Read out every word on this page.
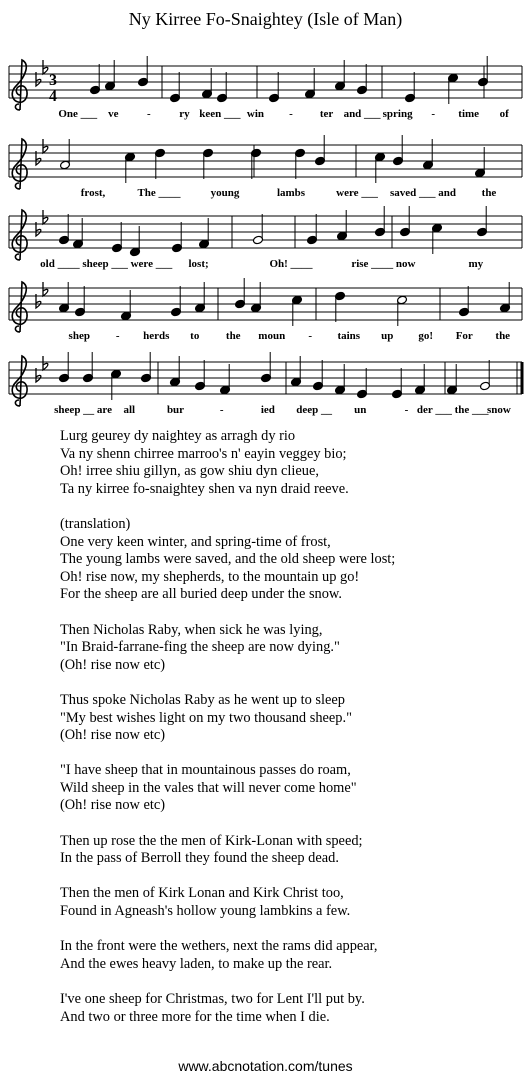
Ny Kirree Fo-Snaightey (Isle of Man)
One ___ ve	-	ry keen ___ win - ter and ___ spring - time of
frost,	The ____	young	lambs	were ___ saved ___ and the
old ____ sheep ___ were ___ lost;	Oh! ____	rise ____ now	my
shep - herds to the moun - tains up go! For the
sheep __ are all	bur	-	ied deep __ un	- der ___ the ___
snow
3
4
Lurg geurey dy naightey as arragh dy rio
Va ny shenn chirree marroo's n' eayin veggey bio;
Oh! irree shiu gillyn, as gow shiu dyn clieue,
Ta ny kirree fo-snaightey shen va nyn draid reeve.
(translation)
One very keen winter, and spring-time of frost,
The young lambs were saved, and the old sheep were lost;
Oh! rise now, my shepherds, to the mountain up go!
For the sheep are all buried deep under the snow.
Then Nicholas Raby, when sick he was lying,
"In Braid-farrane-fing the sheep are now dying."
(Oh! rise now etc)
Thus spoke Nicholas Raby as he went up to sleep
"My best wishes light on my two thousand sheep."
(Oh! rise now etc)
"I have sheep that in mountainous passes do roam,
Wild sheep in the vales that will never come home"
(Oh! rise now etc)
Then up rose the the men of Kirk-Lonan with speed;
In the pass of Berroll they found the sheep dead.
Then the men of Kirk Lonan and Kirk Christ too,
Found in Agneash's hollow young lambkins a few.
In the front were the wethers, next the rams did appear,
And the ewes heavy laden, to make up the rear.
I've one sheep for Christmas, two for Lent I'll put by.
And two or three more for the time when I die.
www.abcnotation.com/tunes
